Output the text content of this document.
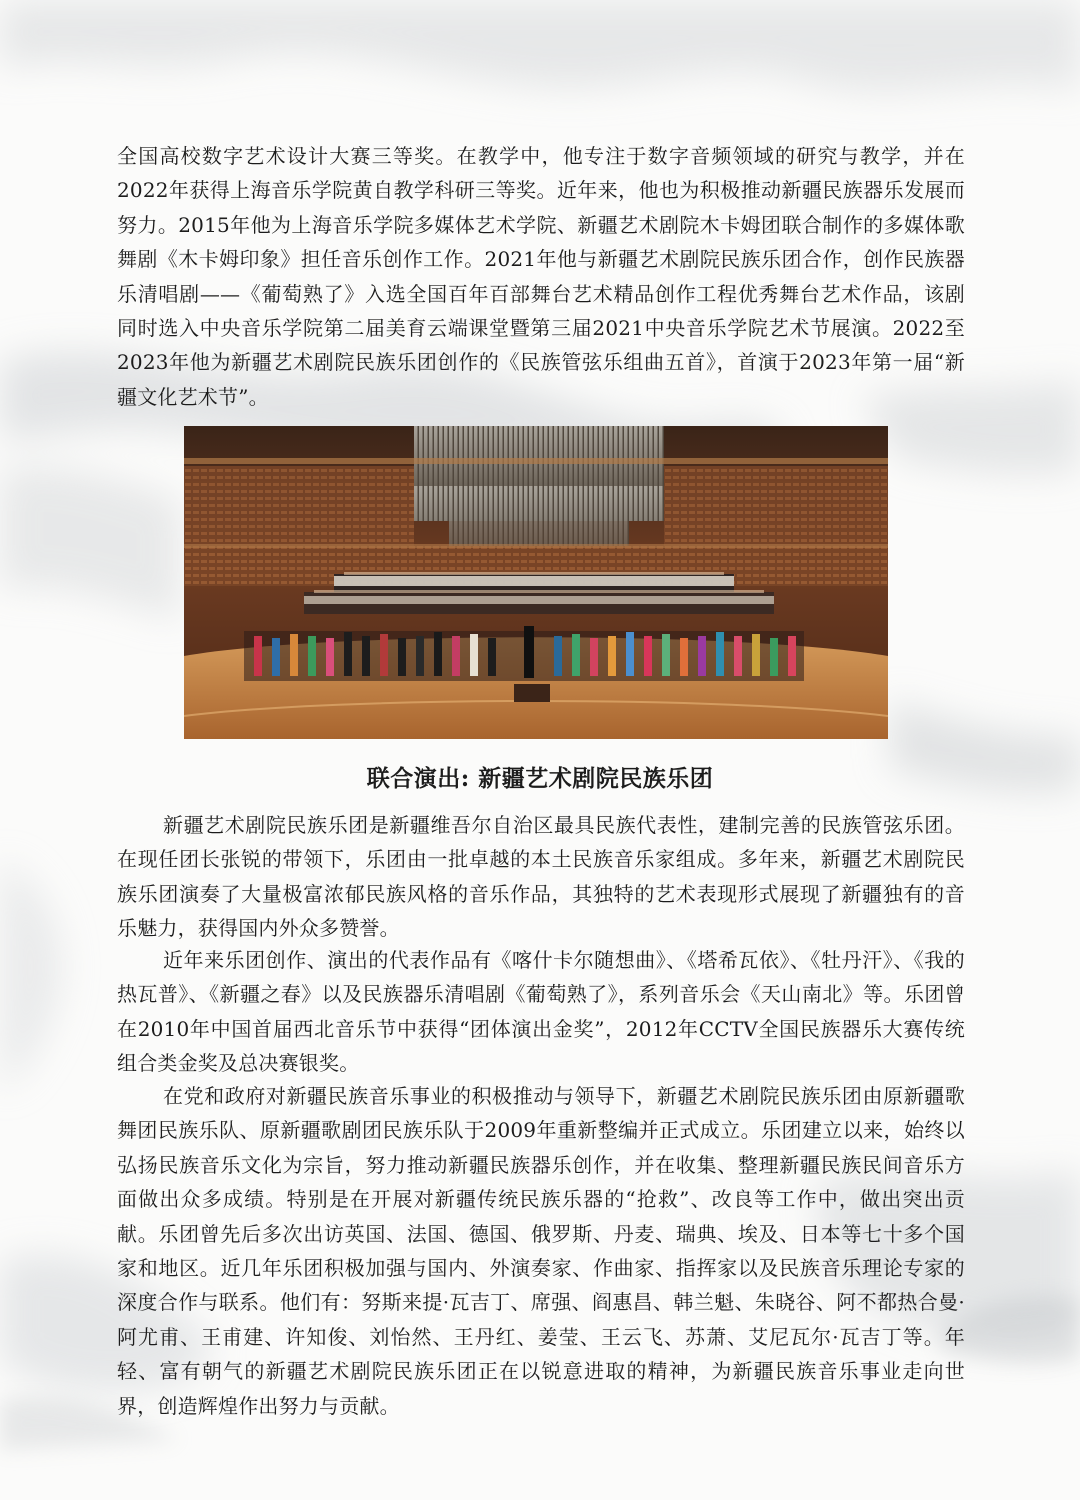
全国高校数字艺术设计大赛三等奖。在教学中，他专注于数字音频领域的研究与教学，并在2022年获得上海音乐学院黄自教学科研三等奖。近年来，他也为积极推动新疆民族器乐发展而努力。2015年他为上海音乐学院多媒体艺术学院、新疆艺术剧院木卡姆团联合制作的多媒体歌舞剧《木卡姆印象》担任音乐创作工作。2021年他与新疆艺术剧院民族乐团合作，创作民族器乐清唱剧——《葡萄熟了》入选全国百年百部舞台艺术精品创作工程优秀舞台艺术作品，该剧同时选入中央音乐学院第二届美育云端课堂暨第三届2021中央音乐学院艺术节展演。2022至2023年他为新疆艺术剧院民族乐团创作的《民族管弦乐组曲五首》，首演于2023年第一届“新疆文化艺术节”。

联合演出: 新疆艺术剧院民族乐团

新疆艺术剧院民族乐团是新疆维吾尔自治区最具民族代表性，建制完善的民族管弦乐团。在现任团长张锐的带领下，乐团由一批卓越的本土民族音乐家组成。多年来，新疆艺术剧院民族乐团演奏了大量极富浓郁民族风格的音乐作品，其独特的艺术表现形式展现了新疆独有的音乐魅力，获得国内外众多赞誉。

近年来乐团创作、演出的代表作品有《喀什卡尔随想曲》、《塔希瓦依》、《牡丹汗》、《我的热瓦普》、《新疆之春》以及民族器乐清唱剧《葡萄熟了》，系列音乐会《天山南北》等。乐团曾在2010年中国首届西北音乐节中获得“团体演出金奖”，2012年CCTV全国民族器乐大赛传统组合类金奖及总决赛银奖。

在党和政府对新疆民族音乐事业的积极推动与领导下，新疆艺术剧院民族乐团由原新疆歌舞团民族乐队、原新疆歌剧团民族乐队于2009年重新整编并正式成立。乐团建立以来，始终以弘扬民族音乐文化为宗旨，努力推动新疆民族器乐创作，并在收集、整理新疆民族民间音乐方面做出众多成绩。特别是在开展对新疆传统民族乐器的“抢救”、改良等工作中，做出突出贡献。乐团曾先后多次出访英国、法国、德国、俄罗斯、丹麦、瑞典、埃及、日本等七十多个国家和地区。近几年乐团积极加强与国内、外演奏家、作曲家、指挥家以及民族音乐理论专家的深度合作与联系。他们有：努斯来提·瓦吉丁、席强、阎惠昌、韩兰魁、朱晓谷、阿不都热合曼·阿尤甫、王甫建、许知俊、刘怡然、王丹红、姜莹、王云飞、苏萧、艾尼瓦尔·瓦吉丁等。年轻、富有朝气的新疆艺术剧院民族乐团正在以锐意进取的精神，为新疆民族音乐事业走向世界，创造辉煌作出努力与贡献。
